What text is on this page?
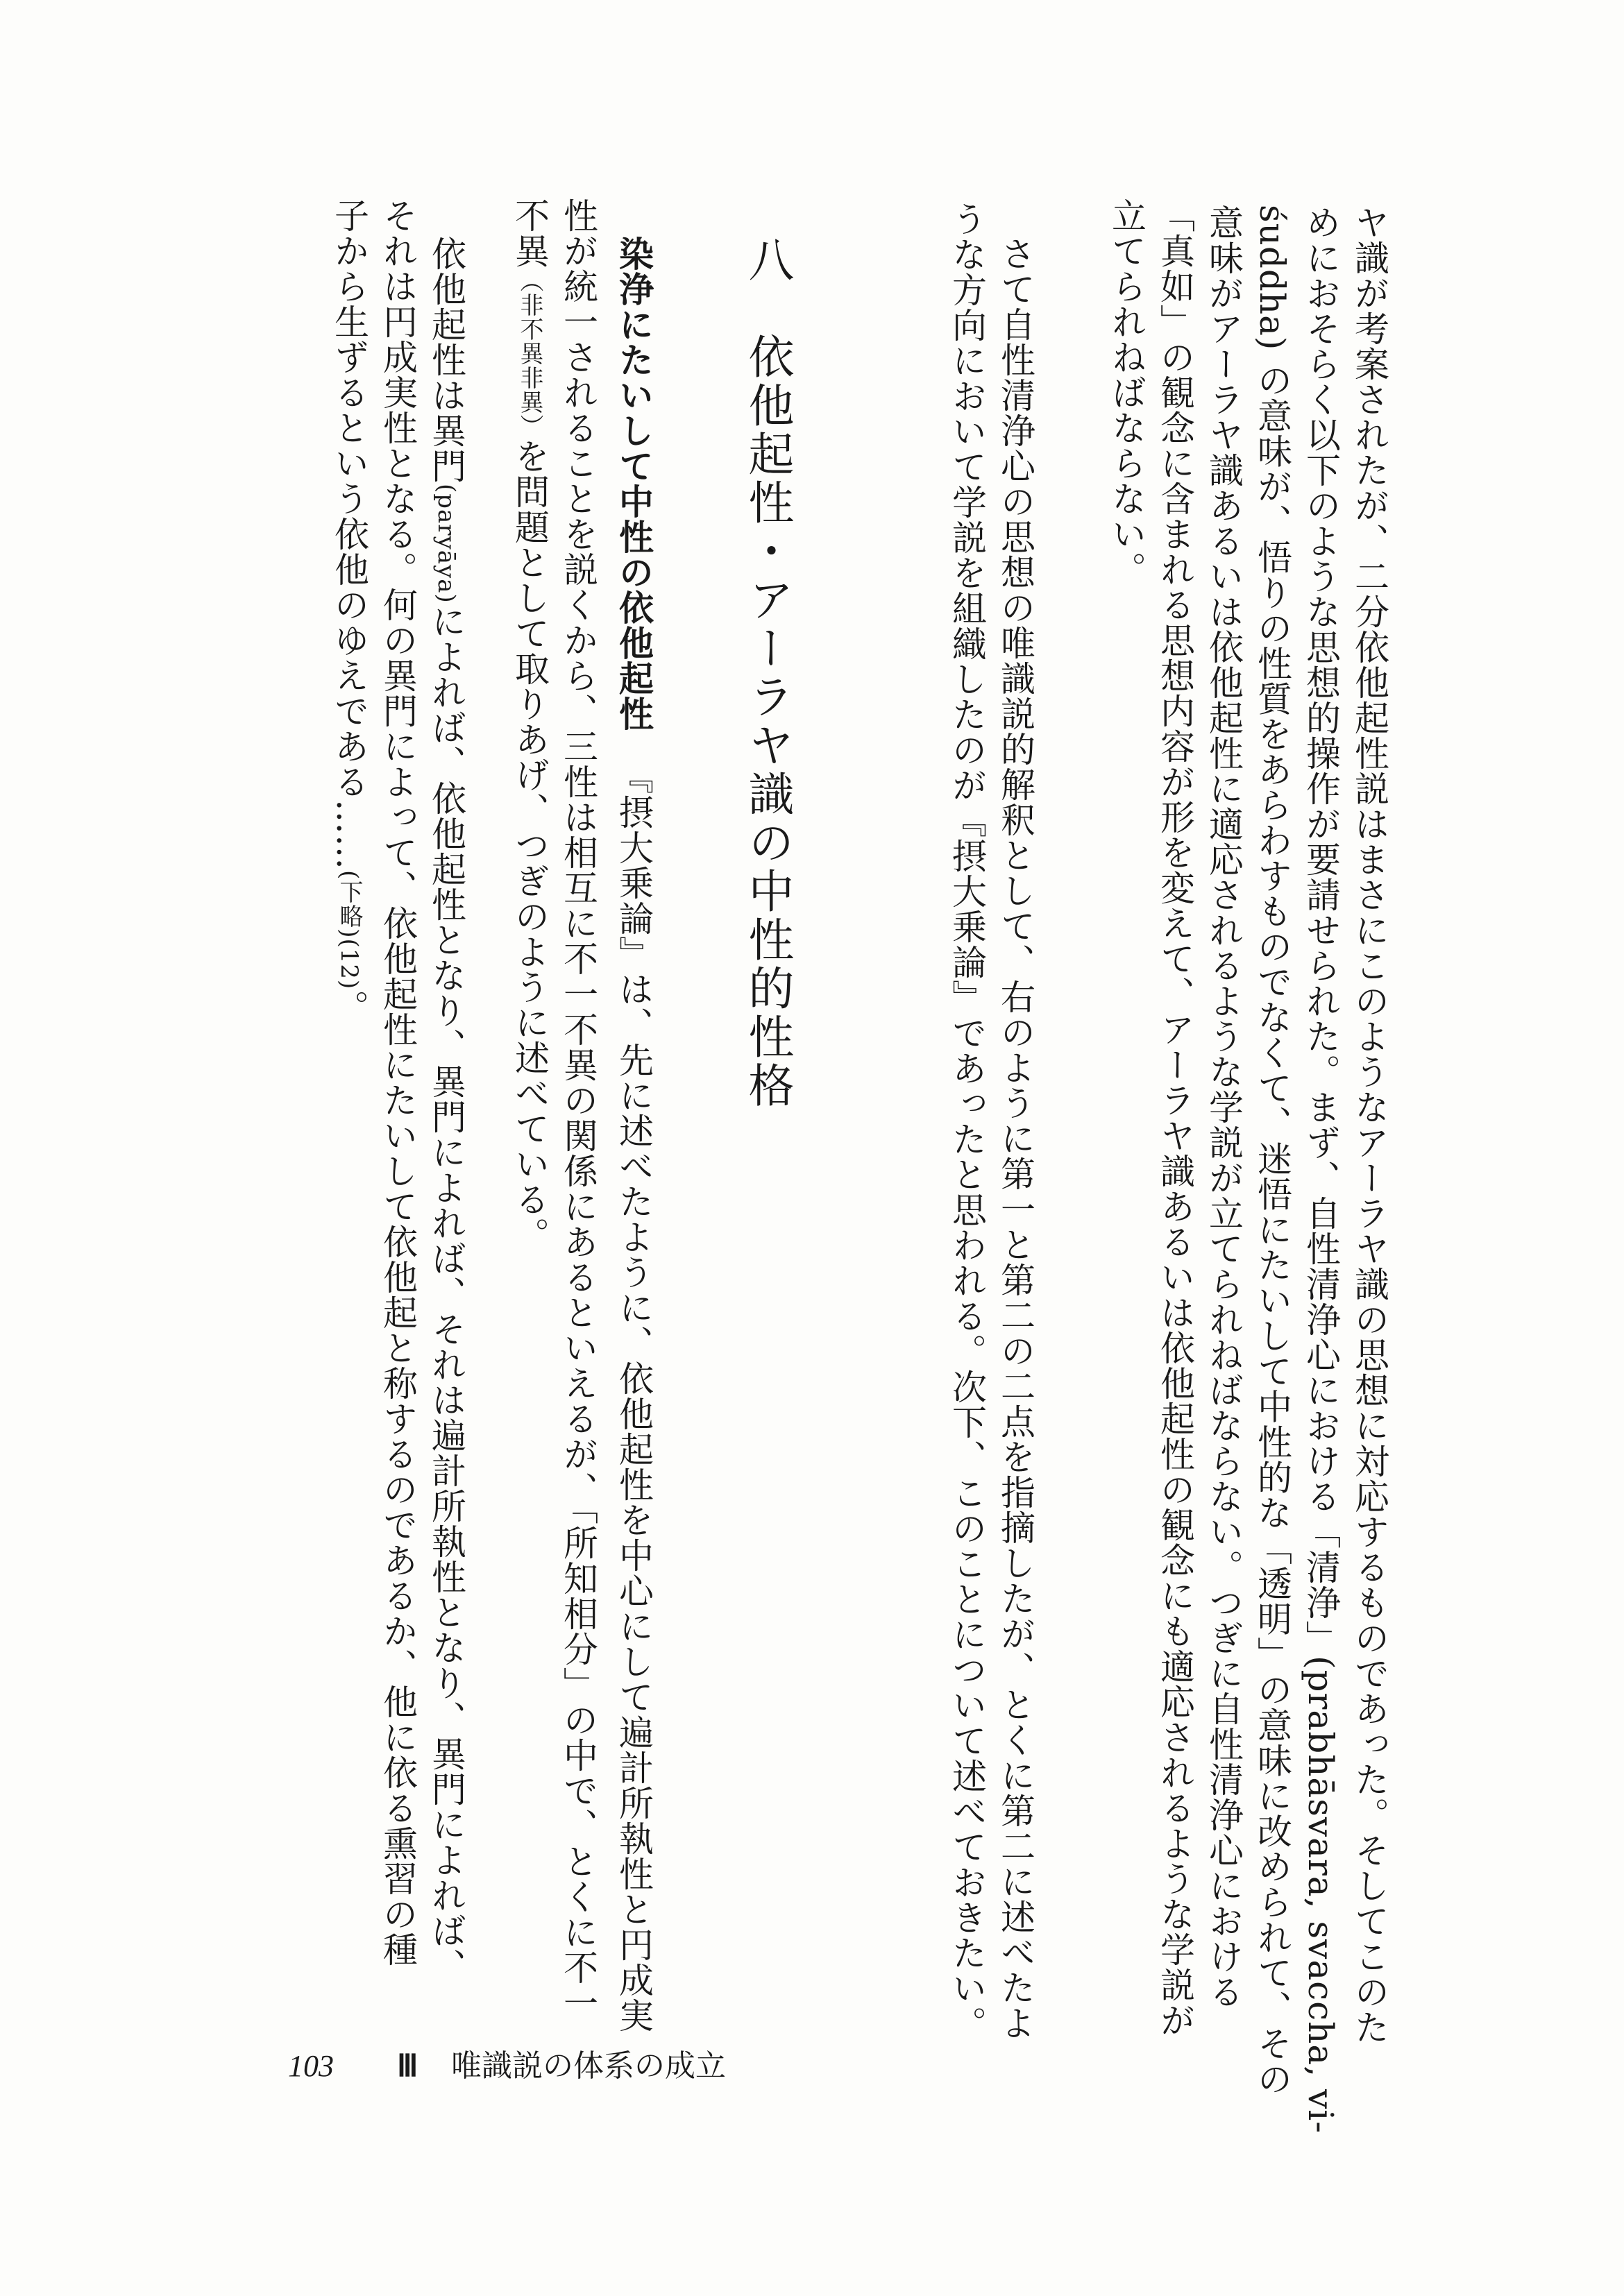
ヤ識が考案されたが、二分依他起性説はまさにこのようなアーラヤ識の思想に対応するものであった。そしてこのた
めにおそらく以下のような思想的操作が要請せられた。まず、自性清浄心における「清浄」(prabhāsvara, svaccha, vi-
śuddha) の意味が、悟りの性質をあらわすものでなくて、迷悟にたいして中性的な「透明」の意味に改められて、その
意味がアーラヤ識あるいは依他起性に適応されるような学説が立てられねばならない。つぎに自性清浄心における
「真如」の観念に含まれる思想内容が形を変えて、アーラヤ識あるいは依他起性の観念にも適応されるような学説が
立てられねばならない。
さて自性清浄心の思想の唯識説的解釈として、右のように第一と第二の二点を指摘したが、とくに第二に述べたよ
うな方向において学説を組織したのが『摂大乗論』であったと思われる。次下、このことについて述べておきたい。
八　依他起性・アーラヤ識の中性的性格
染浄にたいして中性の依他起性『摂大乗論』は、先に述べたように、依他起性を中心にして遍計所執性と円成実
性が統一されることを説くから、三性は相互に不一不異の関係にあるといえるが、「所知相分」の中で、とくに不一
不異（非不異非異）を問題として取りあげ、つぎのように述べている。
依他起性は異門(paryāya)によれば、依他起性となり、異門によれば、それは遍計所執性となり、異門によれば、
それは円成実性となる。何の異門によって、依他起性にたいして依他起と称するのであるか、他に依る熏習の種
子から生ずるという依他のゆえである……(下略)(12)。
103 Ⅲ 唯識説の体系の成立
